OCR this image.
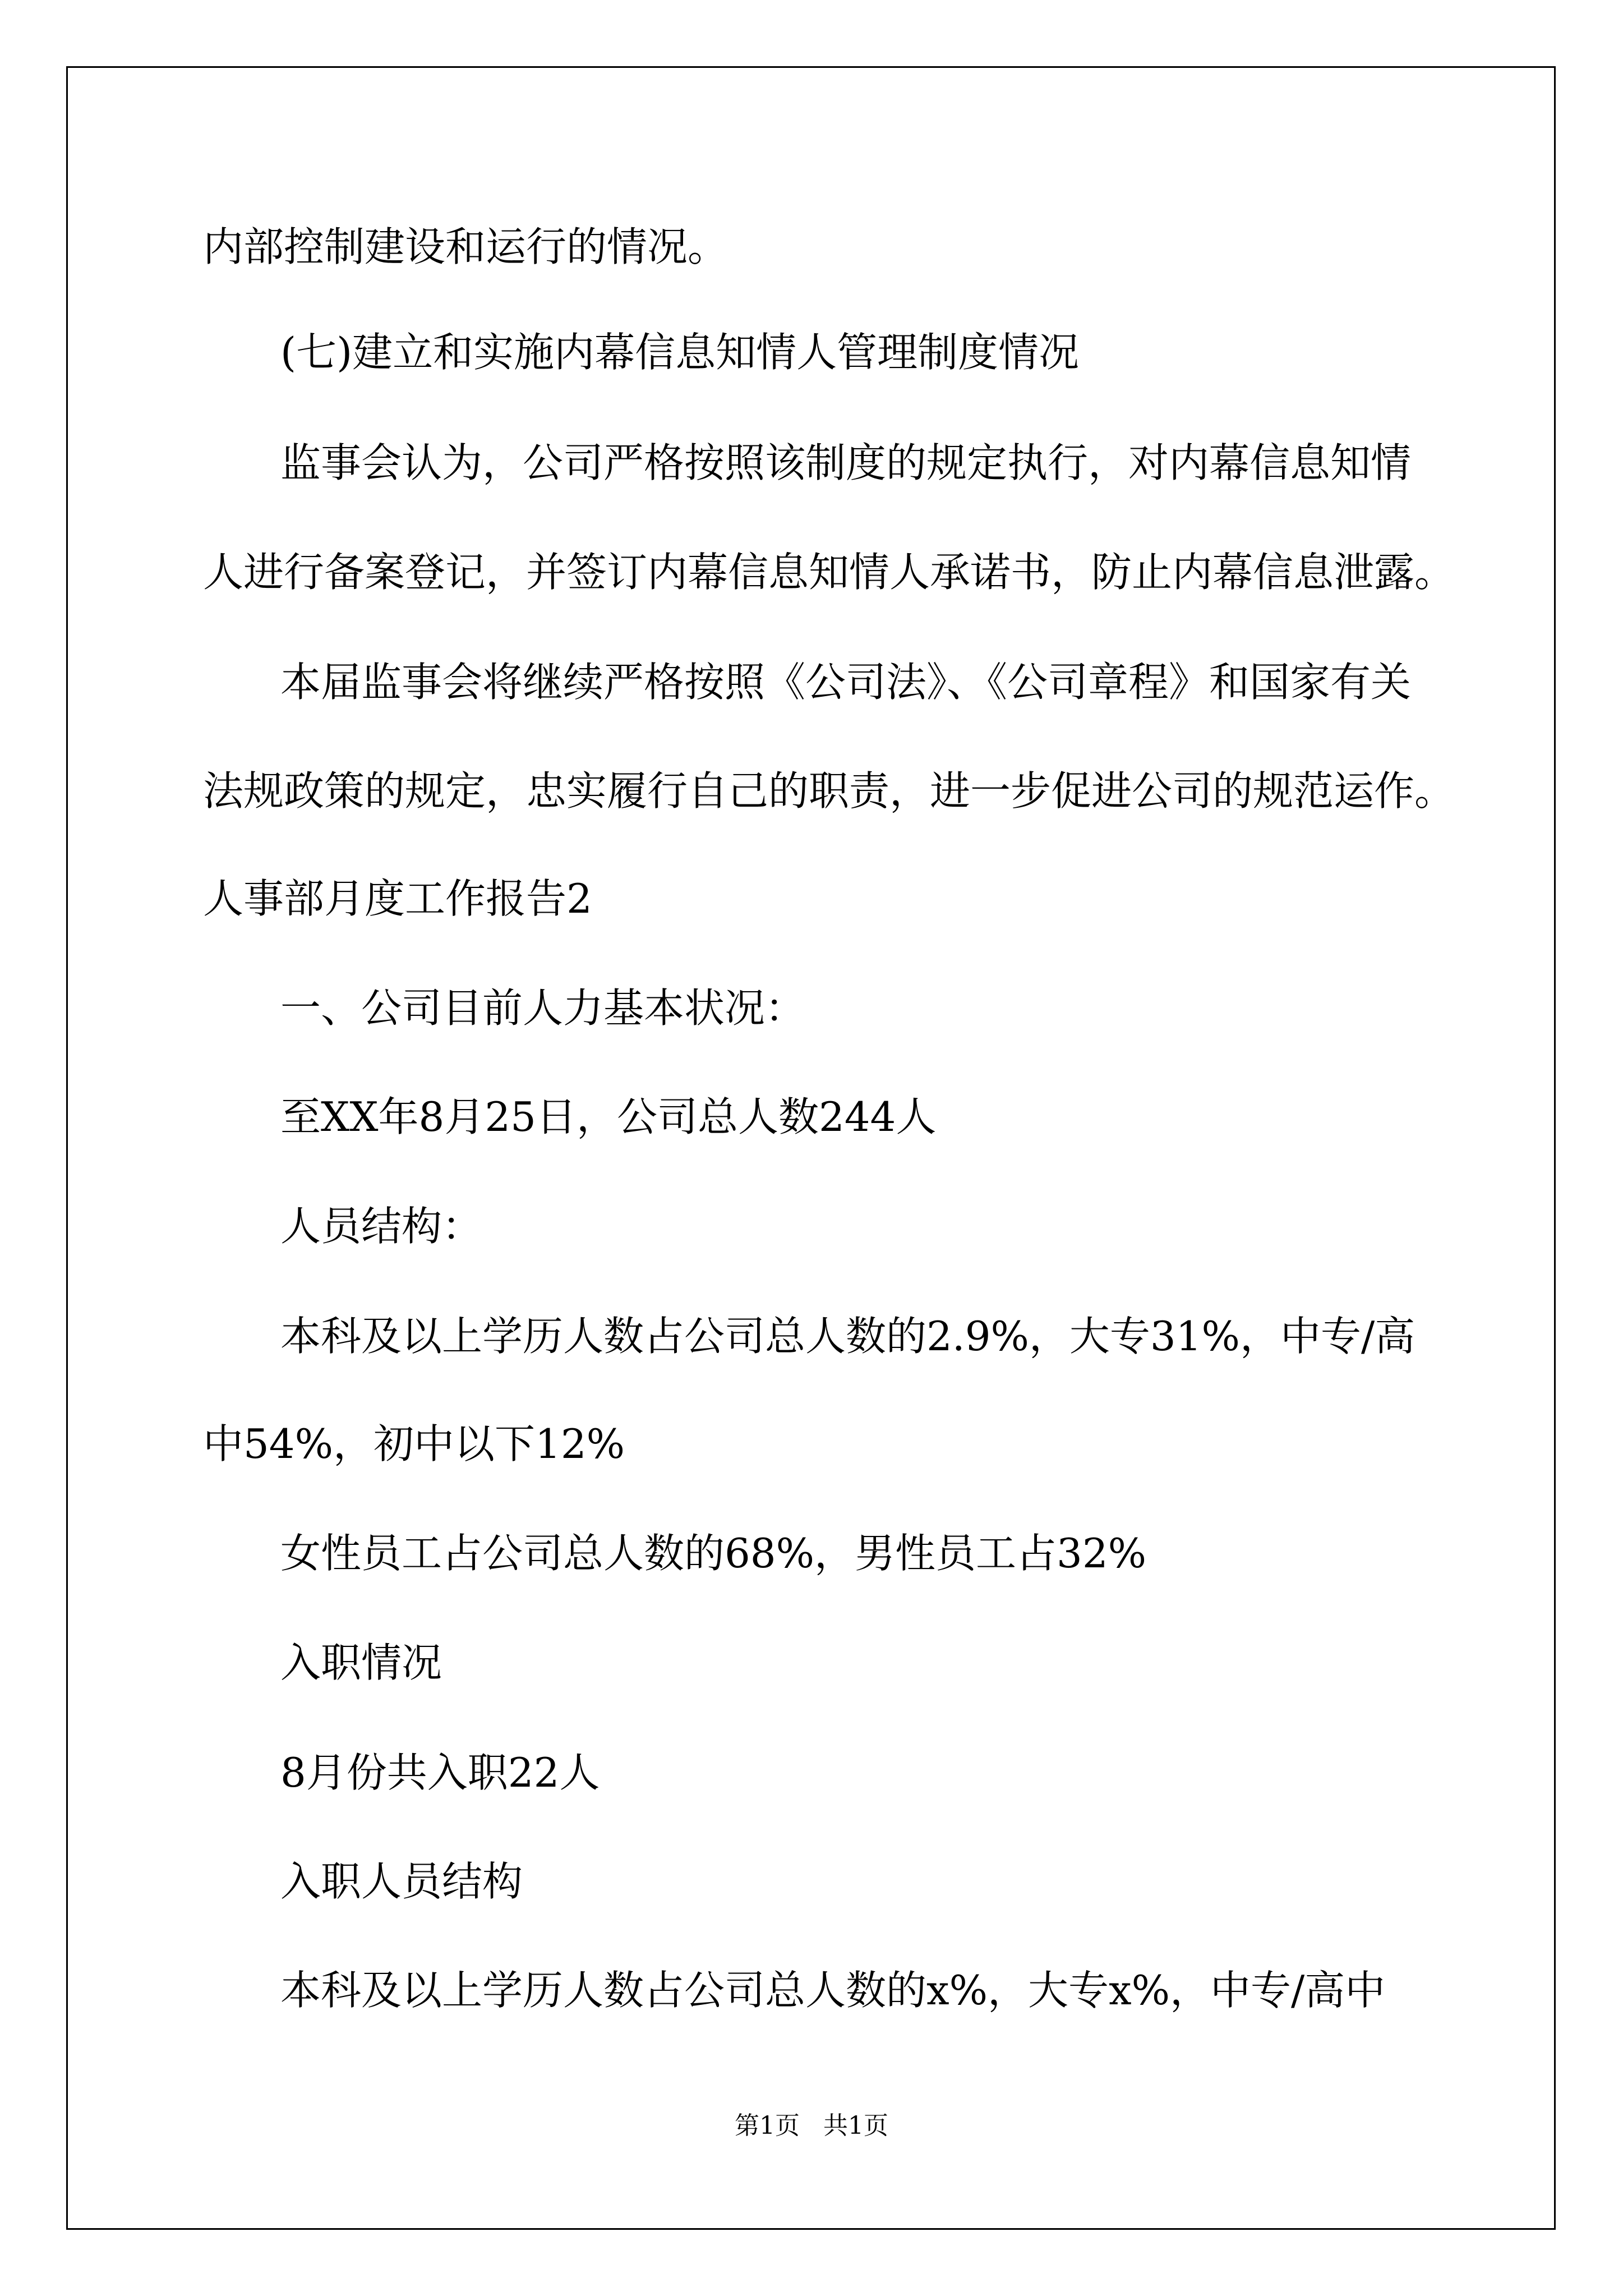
内部控制建设和运行的情况。
(七)建立和实施内幕信息知情人管理制度情况
监事会认为，公司严格按照该制度的规定执行，对内幕信息知情
人进行备案登记，并签订内幕信息知情人承诺书，防止内幕信息泄露。
本届监事会将继续严格按照《公司法》、《公司章程》和国家有关
法规政策的规定，忠实履行自己的职责，进一步促进公司的规范运作。
人事部月度工作报告2
一、公司目前人力基本状况：
至XX年8月25日，公司总人数244人
人员结构：
本科及以上学历人数占公司总人数的2.9%，大专31%，中专/高
中54%，初中以下12%
女性员工占公司总人数的68%，男性员工占32%
入职情况
8月份共入职22人
入职人员结构
本科及以上学历人数占公司总人数的x%，大专x%，中专/高中
第1页   共1页
